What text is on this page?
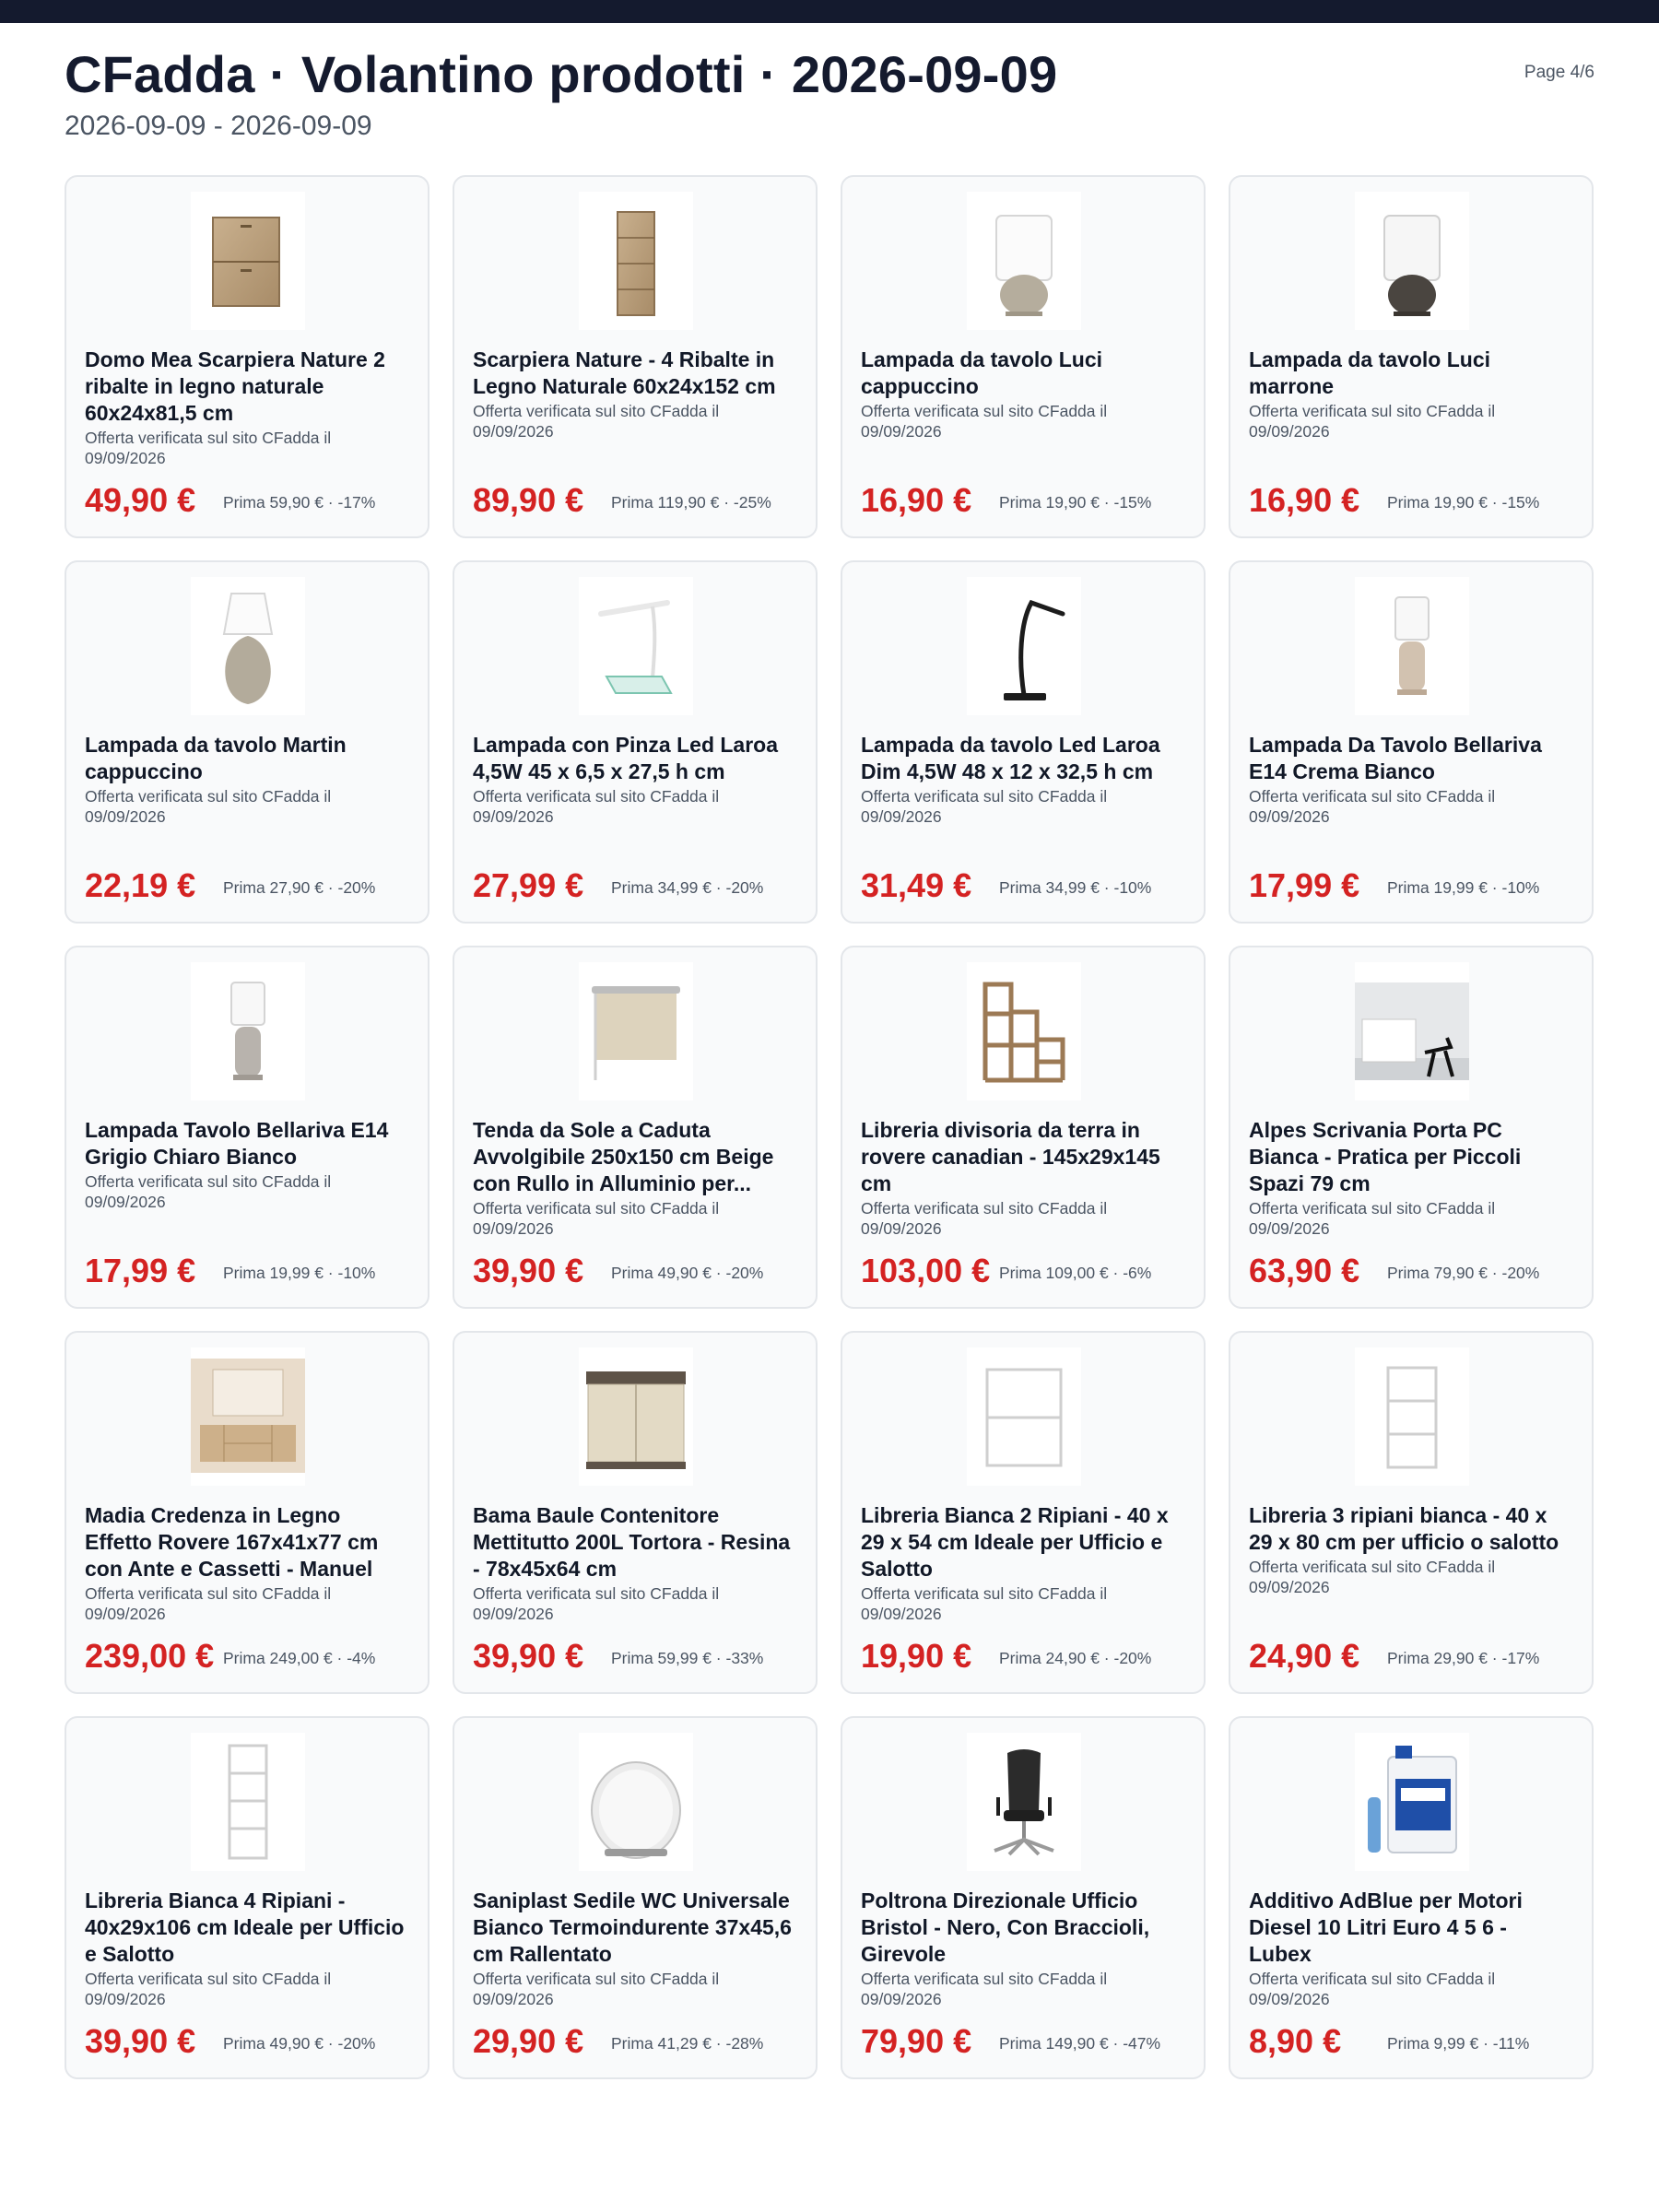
CFadda · Volantino prodotti · 2026-09-09
2026-09-09 - 2026-09-09
Page 4/6
Domo Mea Scarpiera Nature 2 ribalte in legno naturale 60x24x81,5 cm
Offerta verificata sul sito CFadda il 09/09/2026
49,90 € Prima 59,90 € · -17%
Scarpiera Nature - 4 Ribalte in Legno Naturale 60x24x152 cm
Offerta verificata sul sito CFadda il 09/09/2026
89,90 € Prima 119,90 € · -25%
Lampada da tavolo Luci cappuccino
Offerta verificata sul sito CFadda il 09/09/2026
16,90 € Prima 19,90 € · -15%
Lampada da tavolo Luci marrone
Offerta verificata sul sito CFadda il 09/09/2026
16,90 € Prima 19,90 € · -15%
Lampada da tavolo Martin cappuccino
Offerta verificata sul sito CFadda il 09/09/2026
22,19 € Prima 27,90 € · -20%
Lampada con Pinza Led Laroa 4,5W 45 x 6,5 x 27,5 h cm
Offerta verificata sul sito CFadda il 09/09/2026
27,99 € Prima 34,99 € · -20%
Lampada da tavolo Led Laroa Dim 4,5W 48 x 12 x 32,5 h cm
Offerta verificata sul sito CFadda il 09/09/2026
31,49 € Prima 34,99 € · -10%
Lampada Da Tavolo Bellariva E14 Crema Bianco
Offerta verificata sul sito CFadda il 09/09/2026
17,99 € Prima 19,99 € · -10%
Lampada Tavolo Bellariva E14 Grigio Chiaro Bianco
Offerta verificata sul sito CFadda il 09/09/2026
17,99 € Prima 19,99 € · -10%
Tenda da Sole a Caduta Avvolgibile 250x150 cm Beige con Rullo in Alluminio per...
Offerta verificata sul sito CFadda il 09/09/2026
39,90 € Prima 49,90 € · -20%
Libreria divisoria da terra in rovere canadian - 145x29x145 cm
Offerta verificata sul sito CFadda il 09/09/2026
103,00 € Prima 109,00 € · -6%
Alpes Scrivania Porta PC Bianca - Pratica per Piccoli Spazi 79 cm
Offerta verificata sul sito CFadda il 09/09/2026
63,90 € Prima 79,90 € · -20%
Madia Credenza in Legno Effetto Rovere 167x41x77 cm con Ante e Cassetti - Manuel
Offerta verificata sul sito CFadda il 09/09/2026
239,00 € Prima 249,00 € · -4%
Bama Baule Contenitore Mettitutto 200L Tortora - Resina - 78x45x64 cm
Offerta verificata sul sito CFadda il 09/09/2026
39,90 € Prima 59,99 € · -33%
Libreria Bianca 2 Ripiani - 40 x 29 x 54 cm Ideale per Ufficio e Salotto
Offerta verificata sul sito CFadda il 09/09/2026
19,90 € Prima 24,90 € · -20%
Libreria 3 ripiani bianca - 40 x 29 x 80 cm per ufficio o salotto
Offerta verificata sul sito CFadda il 09/09/2026
24,90 € Prima 29,90 € · -17%
Libreria Bianca 4 Ripiani - 40x29x106 cm Ideale per Ufficio e Salotto
Offerta verificata sul sito CFadda il 09/09/2026
39,90 € Prima 49,90 € · -20%
Saniplast Sedile WC Universale Bianco Termoindurente 37x45,6 cm Rallentato
Offerta verificata sul sito CFadda il 09/09/2026
29,90 € Prima 41,29 € · -28%
Poltrona Direzionale Ufficio Bristol - Nero, Con Braccioli, Girevole
Offerta verificata sul sito CFadda il 09/09/2026
79,90 € Prima 149,90 € · -47%
Additivo AdBlue per Motori Diesel 10 Litri Euro 4 5 6 - Lubex
Offerta verificata sul sito CFadda il 09/09/2026
8,90 €	Prima 9,99 € · -11%
